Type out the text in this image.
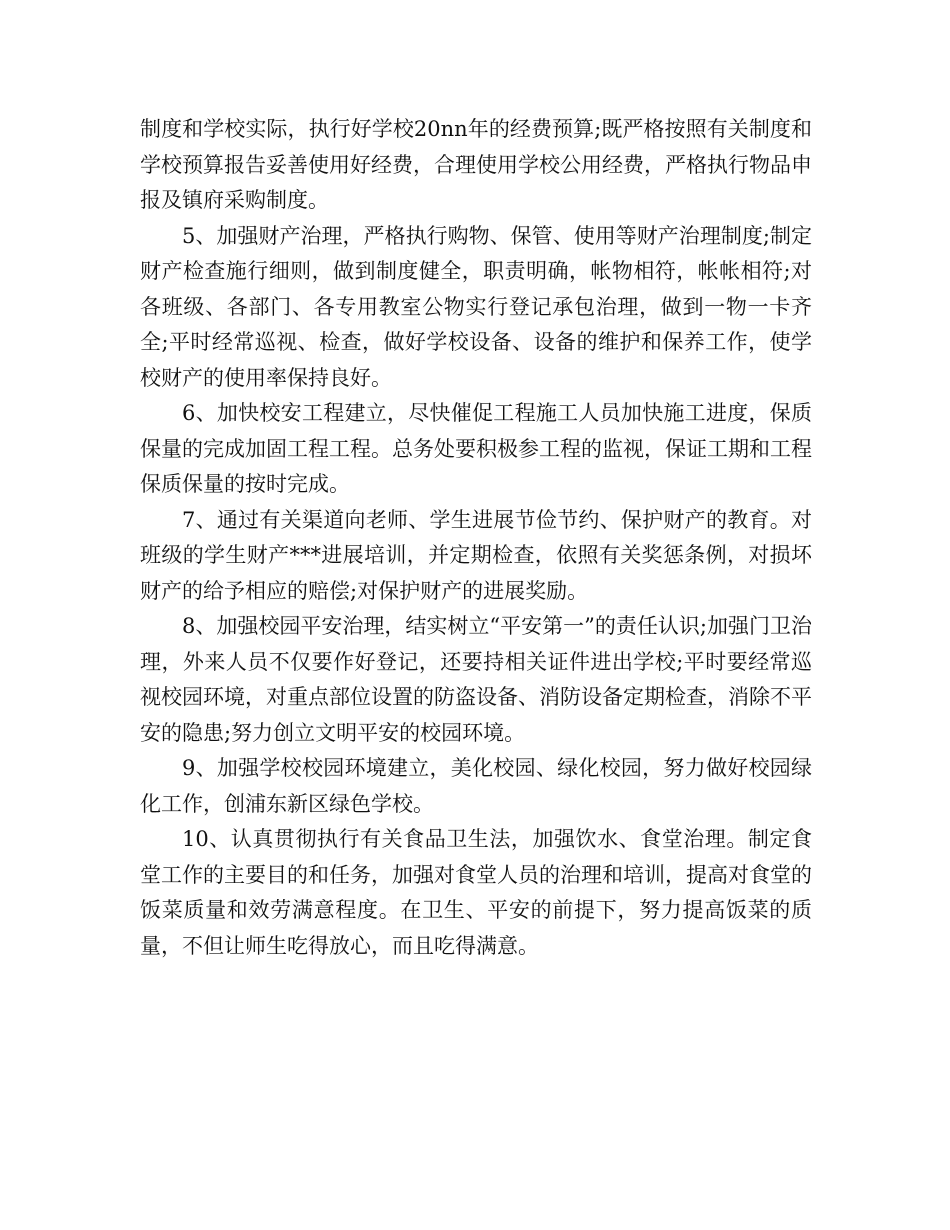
制度和学校实际，执行好学校20nn年的经费预算;既严格按照有关制度和学校预算报告妥善使用好经费，合理使用学校公用经费，严格执行物品申报及镇府采购制度。

5、加强财产治理，严格执行购物、保管、使用等财产治理制度;制定财产检查施行细则，做到制度健全，职责明确，帐物相符，帐帐相符;对各班级、各部门、各专用教室公物实行登记承包治理，做到一物一卡齐全;平时经常巡视、检查，做好学校设备、设备的维护和保养工作，使学校财产的使用率保持良好。

6、加快校安工程建立，尽快催促工程施工人员加快施工进度，保质保量的完成加固工程工程。总务处要积极参工程的监视，保证工期和工程保质保量的按时完成。

7、通过有关渠道向老师、学生进展节俭节约、保护财产的教育。对班级的学生财产***进展培训，并定期检查，依照有关奖惩条例，对损坏财产的给予相应的赔偿;对保护财产的进展奖励。

8、加强校园平安治理，结实树立“平安第一”的责任认识;加强门卫治理，外来人员不仅要作好登记，还要持相关证件进出学校;平时要经常巡视校园环境，对重点部位设置的防盗设备、消防设备定期检查，消除不平安的隐患;努力创立文明平安的校园环境。

9、加强学校校园环境建立，美化校园、绿化校园，努力做好校园绿化工作，创浦东新区绿色学校。

10、认真贯彻执行有关食品卫生法，加强饮水、食堂治理。制定食堂工作的主要目的和任务，加强对食堂人员的治理和培训，提高对食堂的饭菜质量和效劳满意程度。在卫生、平安的前提下，努力提高饭菜的质量，不但让师生吃得放心，而且吃得满意。
